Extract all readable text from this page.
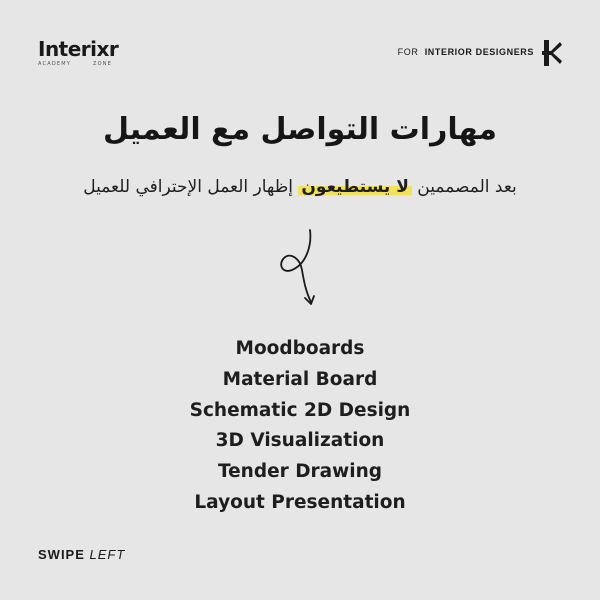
Interixr
ACADEMY	ZONE
FOR INTERIOR DESIGNERS
مهارات التواصل مع العميل
بعد المصممين لا يستطيعون إظهار العمل الإحترافي للعميل
Moodboards
Material Board
Schematic 2D Design
3D Visualization
Tender Drawing
Layout Presentation
SWIPE LEFT
